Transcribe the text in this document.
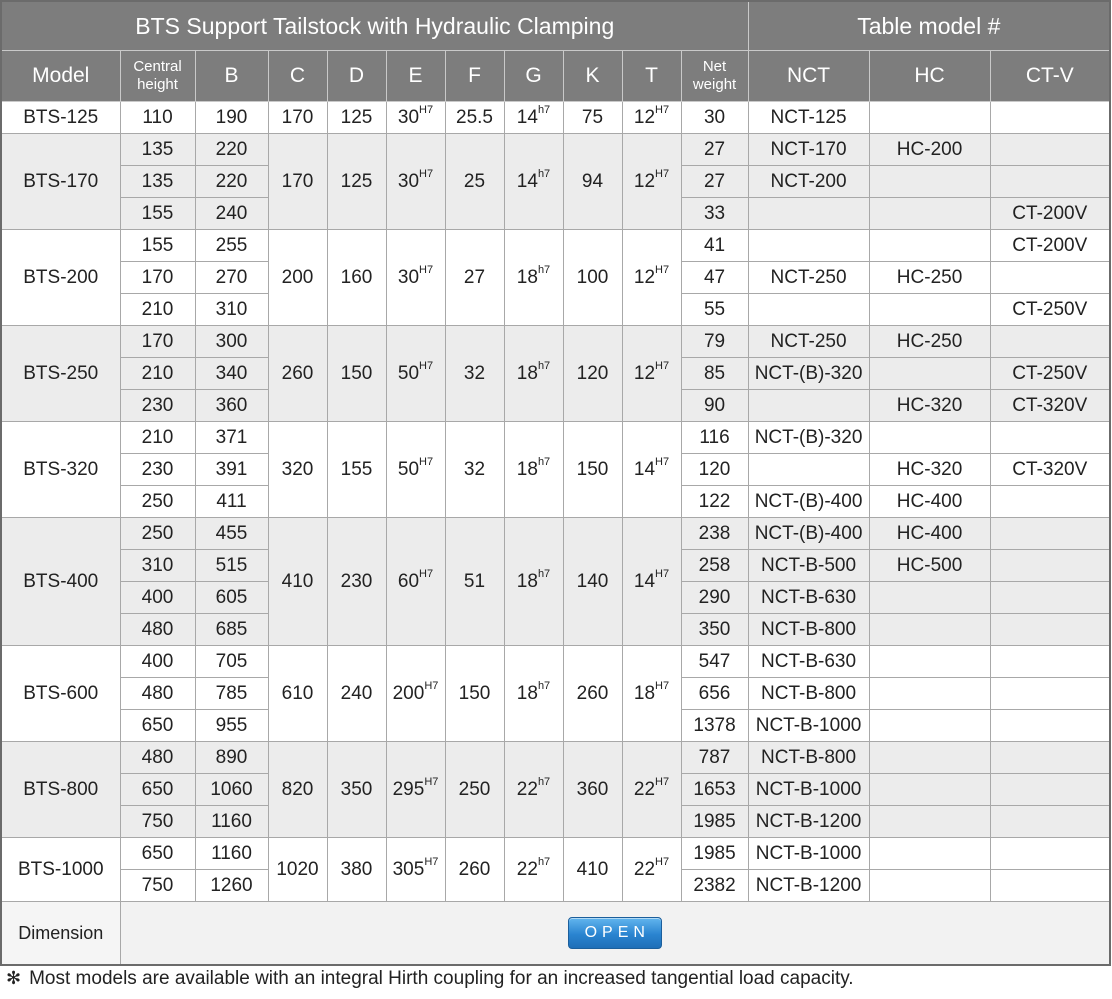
BTS Support Tailstock with Hydraulic Clamping											Table model #		
Model	Central height	B	C	D	E	F	G	K	T	Net weight	NCT	HC	CT-V
BTS-125	110	190	170	125	$30^{H7}$	25.5	$14^{h7}$	75	$12^{H7}$	30	NCT-125		
BTS-170	135	220	170	125	$30^{H7}$	25	$14^{h7}$	94	$12^{H7}$	27	NCT-170	HC-200	
	135	220								27	NCT-200		
	155	240								33			CT-200V
BTS-200	155	255	200	160	$30^{H7}$	27	$18^{h7}$	100	$12^{H7}$	41			CT-200V
	170	270								47	NCT-250	HC-250	
	210	310								55			CT-250V
BTS-250	170	300	260	150	$50^{H7}$	32	$18^{h7}$	120	$12^{H7}$	79	NCT-250	HC-250	
	210	340								85	NCT-(B)-320		CT-250V
	230	360								90		HC-320	CT-320V
BTS-320	210	371	320	155	$50^{H7}$	32	$18^{h7}$	150	$14^{H7}$	116	NCT-(B)-320		
	230	391								120		HC-320	CT-320V
	250	411								122	NCT-(B)-400	HC-400	
BTS-400	250	455	410	230	$60^{H7}$	51	$18^{h7}$	140	$14^{H7}$	238	NCT-(B)-400	HC-400	
	310	515								258	NCT-B-500	HC-500	
	400	605								290	NCT-B-630		
	480	685								350	NCT-B-800		
BTS-600	400	705	610	240	$200^{H7}$	150	$18^{h7}$	260	$18^{H7}$	547	NCT-B-630		
	480	785								656	NCT-B-800		
	650	955								1378	NCT-B-1000		
BTS-800	480	890	820	350	$295^{H7}$	250	$22^{h7}$	360	$22^{H7}$	787	NCT-B-800		
	650	1060								1653	NCT-B-1000		
	750	1160								1985	NCT-B-1200		
BTS-1000	650	1160	1020	380	$305^{H7}$	260	$22^{h7}$	410	$22^{H7}$	1985	NCT-B-1000		
	750	1260								2382	NCT-B-1200		
Dimension	OPEN												
✻ Most models are available with an integral Hirth coupling for an increased tangential load capacity.
